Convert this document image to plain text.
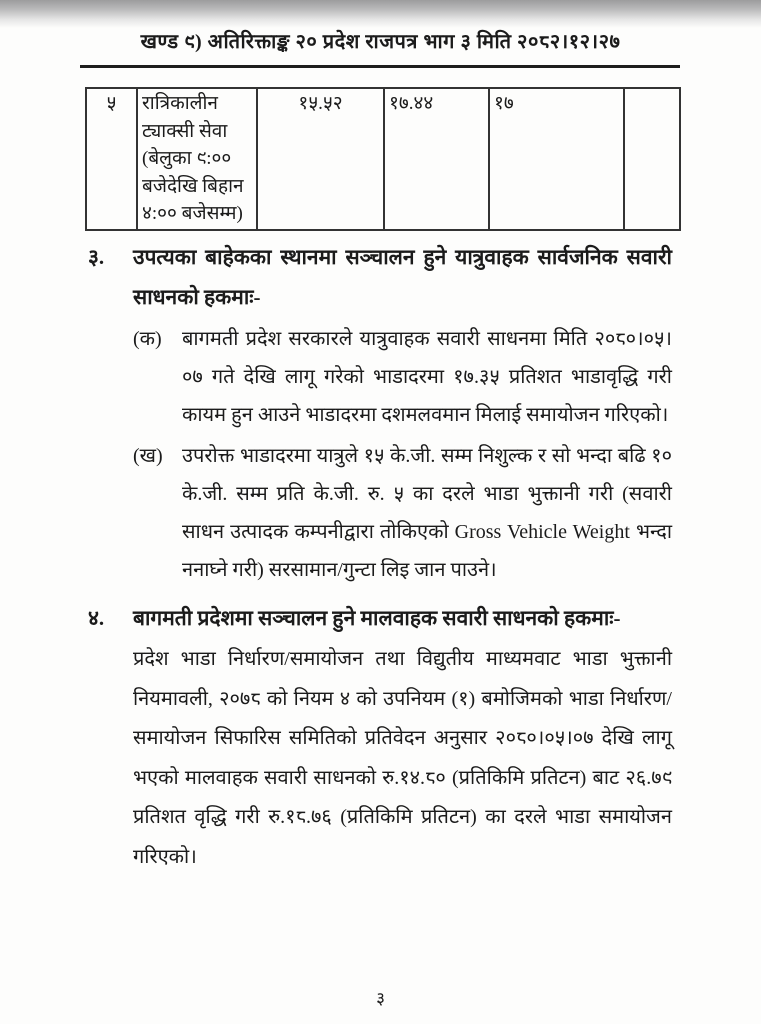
खण्ड ९) अतिरिक्ताङ्क २० प्रदेश राजपत्र भाग ३ मिति २०८२।१२।२७
५	रात्रिकालीन ट्याक्सी सेवा (बेलुका ९:०० बजेदेखि बिहान ४:०० बजेसम्म)	१५.५२	१७.४४	१७	
३.	उपत्यका बाहेकका स्थानमा सञ्चालन हुने यात्रुवाहक सार्वजनिक सवारी साधनको हकमाः-
(क)	बागमती प्रदेश सरकारले यात्रुवाहक सवारी साधनमा मिति २०८०।०५।०७ गते देखि लागू गरेको भाडादरमा १७.३५ प्रतिशत भाडावृद्धि गरी कायम हुन आउने भाडादरमा दशमलवमान मिलाई समायोजन गरिएको।
(ख) उपरोक्त भाडादरमा यात्रुले १५ के.जी. सम्म निशुल्क र सो भन्दा बढि १० के.जी. सम्म प्रति के.जी. रु. ५ का दरले भाडा भुक्तानी गरी (सवारी साधन उत्पादक कम्पनीद्वारा तोकिएको Gross Vehicle Weight भन्दा ननाघ्ने गरी) सरसामान/गुन्टा लिइ जान पाउने।
४.	बागमती प्रदेशमा सञ्चालन हुने मालवाहक सवारी साधनको हकमाः-
प्रदेश भाडा निर्धारण/समायोजन तथा विद्युतीय माध्यमवाट भाडा भुक्तानी नियमावली, २०७८ को नियम ४ को उपनियम (१) बमोजिमको भाडा निर्धारण/समायोजन सिफारिस समितिको प्रतिवेदन अनुसार २०८०।०५।०७ देखि लागू भएको मालवाहक सवारी साधनको रु.१४.८० (प्रतिकिमि प्रतिटन) बाट २६.७९ प्रतिशत वृद्धि गरी रु.१८.७६ (प्रतिकिमि प्रतिटन) का दरले भाडा समायोजन गरिएको।
३
